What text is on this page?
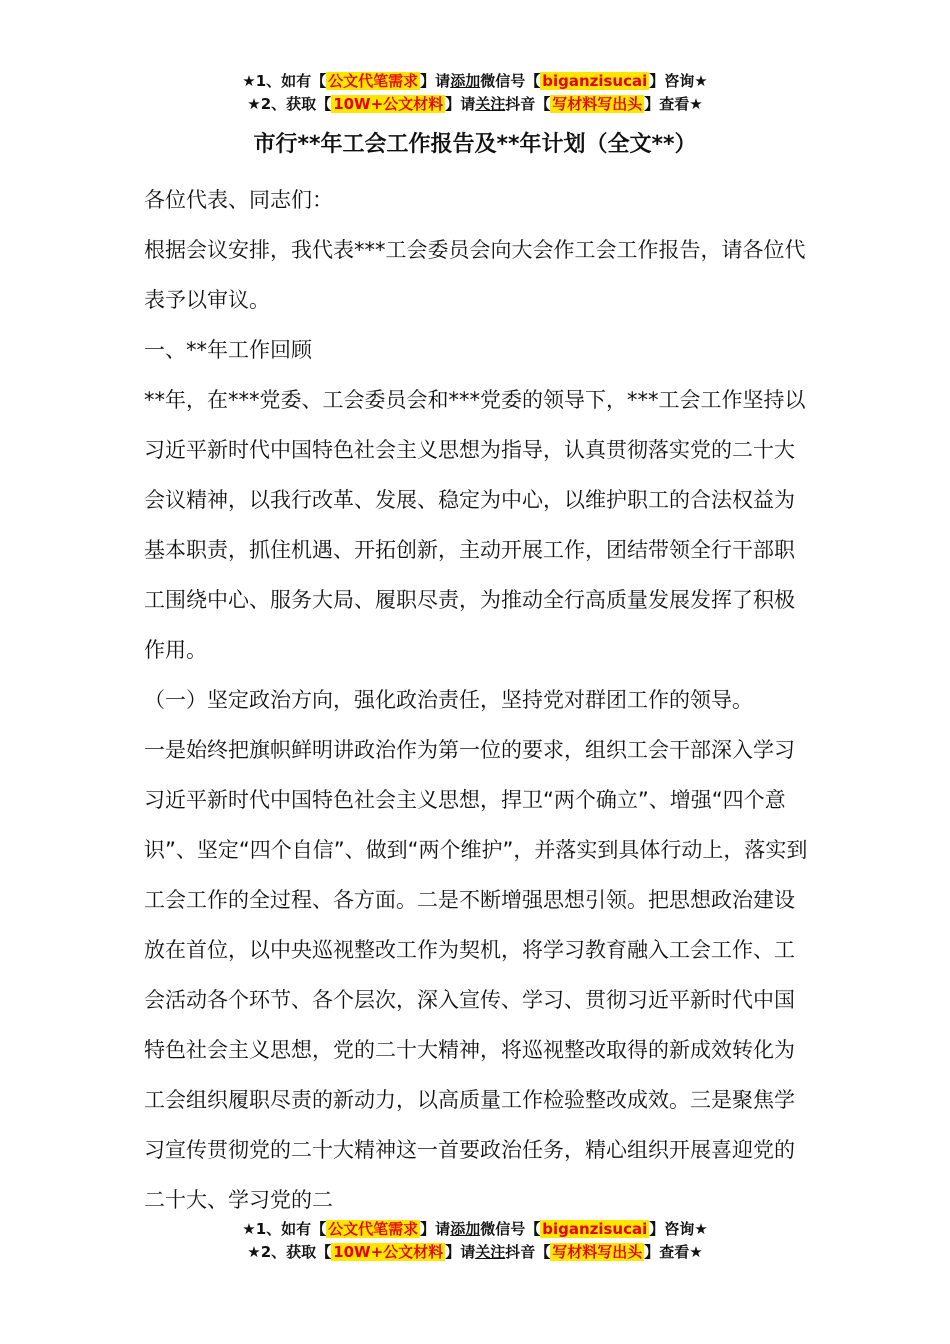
★1、如有【 公文代笔需求 】请添加微信号【 biganzisucai 】咨询★
★2、获取【 10W+公文材料 】请关注抖音【 写材料写出头 】查看★
市行**年工会工作报告及**年计划（全文**）

各位代表、同志们：

根据会议安排，我代表***工会委员会向大会作工会工作报告，请各位代表予以审议。

一、**年工作回顾

**年，在***党委、工会委员会和***党委的领导下，***工会工作坚持以习近平新时代中国特色社会主义思想为指导，认真贯彻落实党的二十大会议精神，以我行改革、发展、稳定为中心，以维护职工的合法权益为基本职责，抓住机遇、开拓创新，主动开展工作，团结带领全行干部职工围绕中心、服务大局、履职尽责，为推动全行高质量发展发挥了积极作用。

（一）坚定政治方向，强化政治责任，坚持党对群团工作的领导。

一是始终把旗帜鲜明讲政治作为第一位的要求，组织工会干部深入学习习近平新时代中国特色社会主义思想，捍卫“两个确立”、增强“四个意识”、坚定“四个自信”、做到“两个维护”，并落实到具体行动上，落实到工会工作的全过程、各方面。二是不断增强思想引领。把思想政治建设放在首位，以中央巡视整改工作为契机，将学习教育融入工会工作、工会活动各个环节、各个层次，深入宣传、学习、贯彻习近平新时代中国特色社会主义思想，党的二十大精神，将巡视整改取得的新成效转化为工会组织履职尽责的新动力，以高质量工作检验整改成效。三是聚焦学习宣传贯彻党的二十大精神这一首要政治任务，精心组织开展喜迎党的二十大、学习党的二

★1、如有【 公文代笔需求 】请添加微信号【 biganzisucai 】咨询★
★2、获取【 10W+公文材料 】请关注抖音【 写材料写出头 】查看★
